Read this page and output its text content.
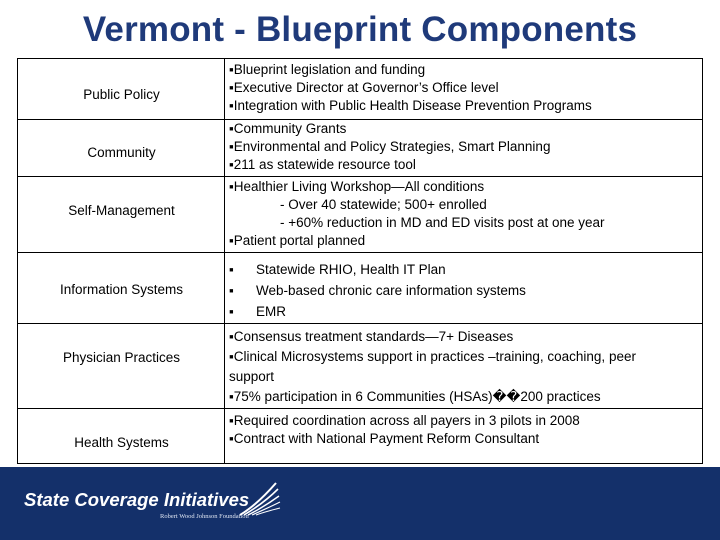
Vermont - Blueprint Components
Public Policy
▪Blueprint legislation and funding
▪Executive Director at Governor’s Office level
▪Integration with Public Health Disease Prevention Programs
Community
▪Community Grants
▪Environmental and Policy Strategies, Smart Planning
▪211 as statewide resource tool
Self-Management
▪Healthier Living Workshop—All conditions
- Over 40 statewide; 500+ enrolled
- +60% reduction in MD and ED visits post at one year
▪Patient portal planned
Information Systems
▪ Statewide RHIO, Health IT Plan
▪ Web-based chronic care information systems
▪ EMR
Physician Practices
▪Consensus treatment standards—7+ Diseases
▪Clinical Microsystems support in practices –training, coaching, peer
support
▪75% participation in 6 Communities (HSAs)��200 practices
Health Systems
▪Required coordination across all payers in 3 pilots in 2008
▪Contract with National Payment Reform Consultant
State Coverage Initiatives
Robert Wood Johnson Foundation
